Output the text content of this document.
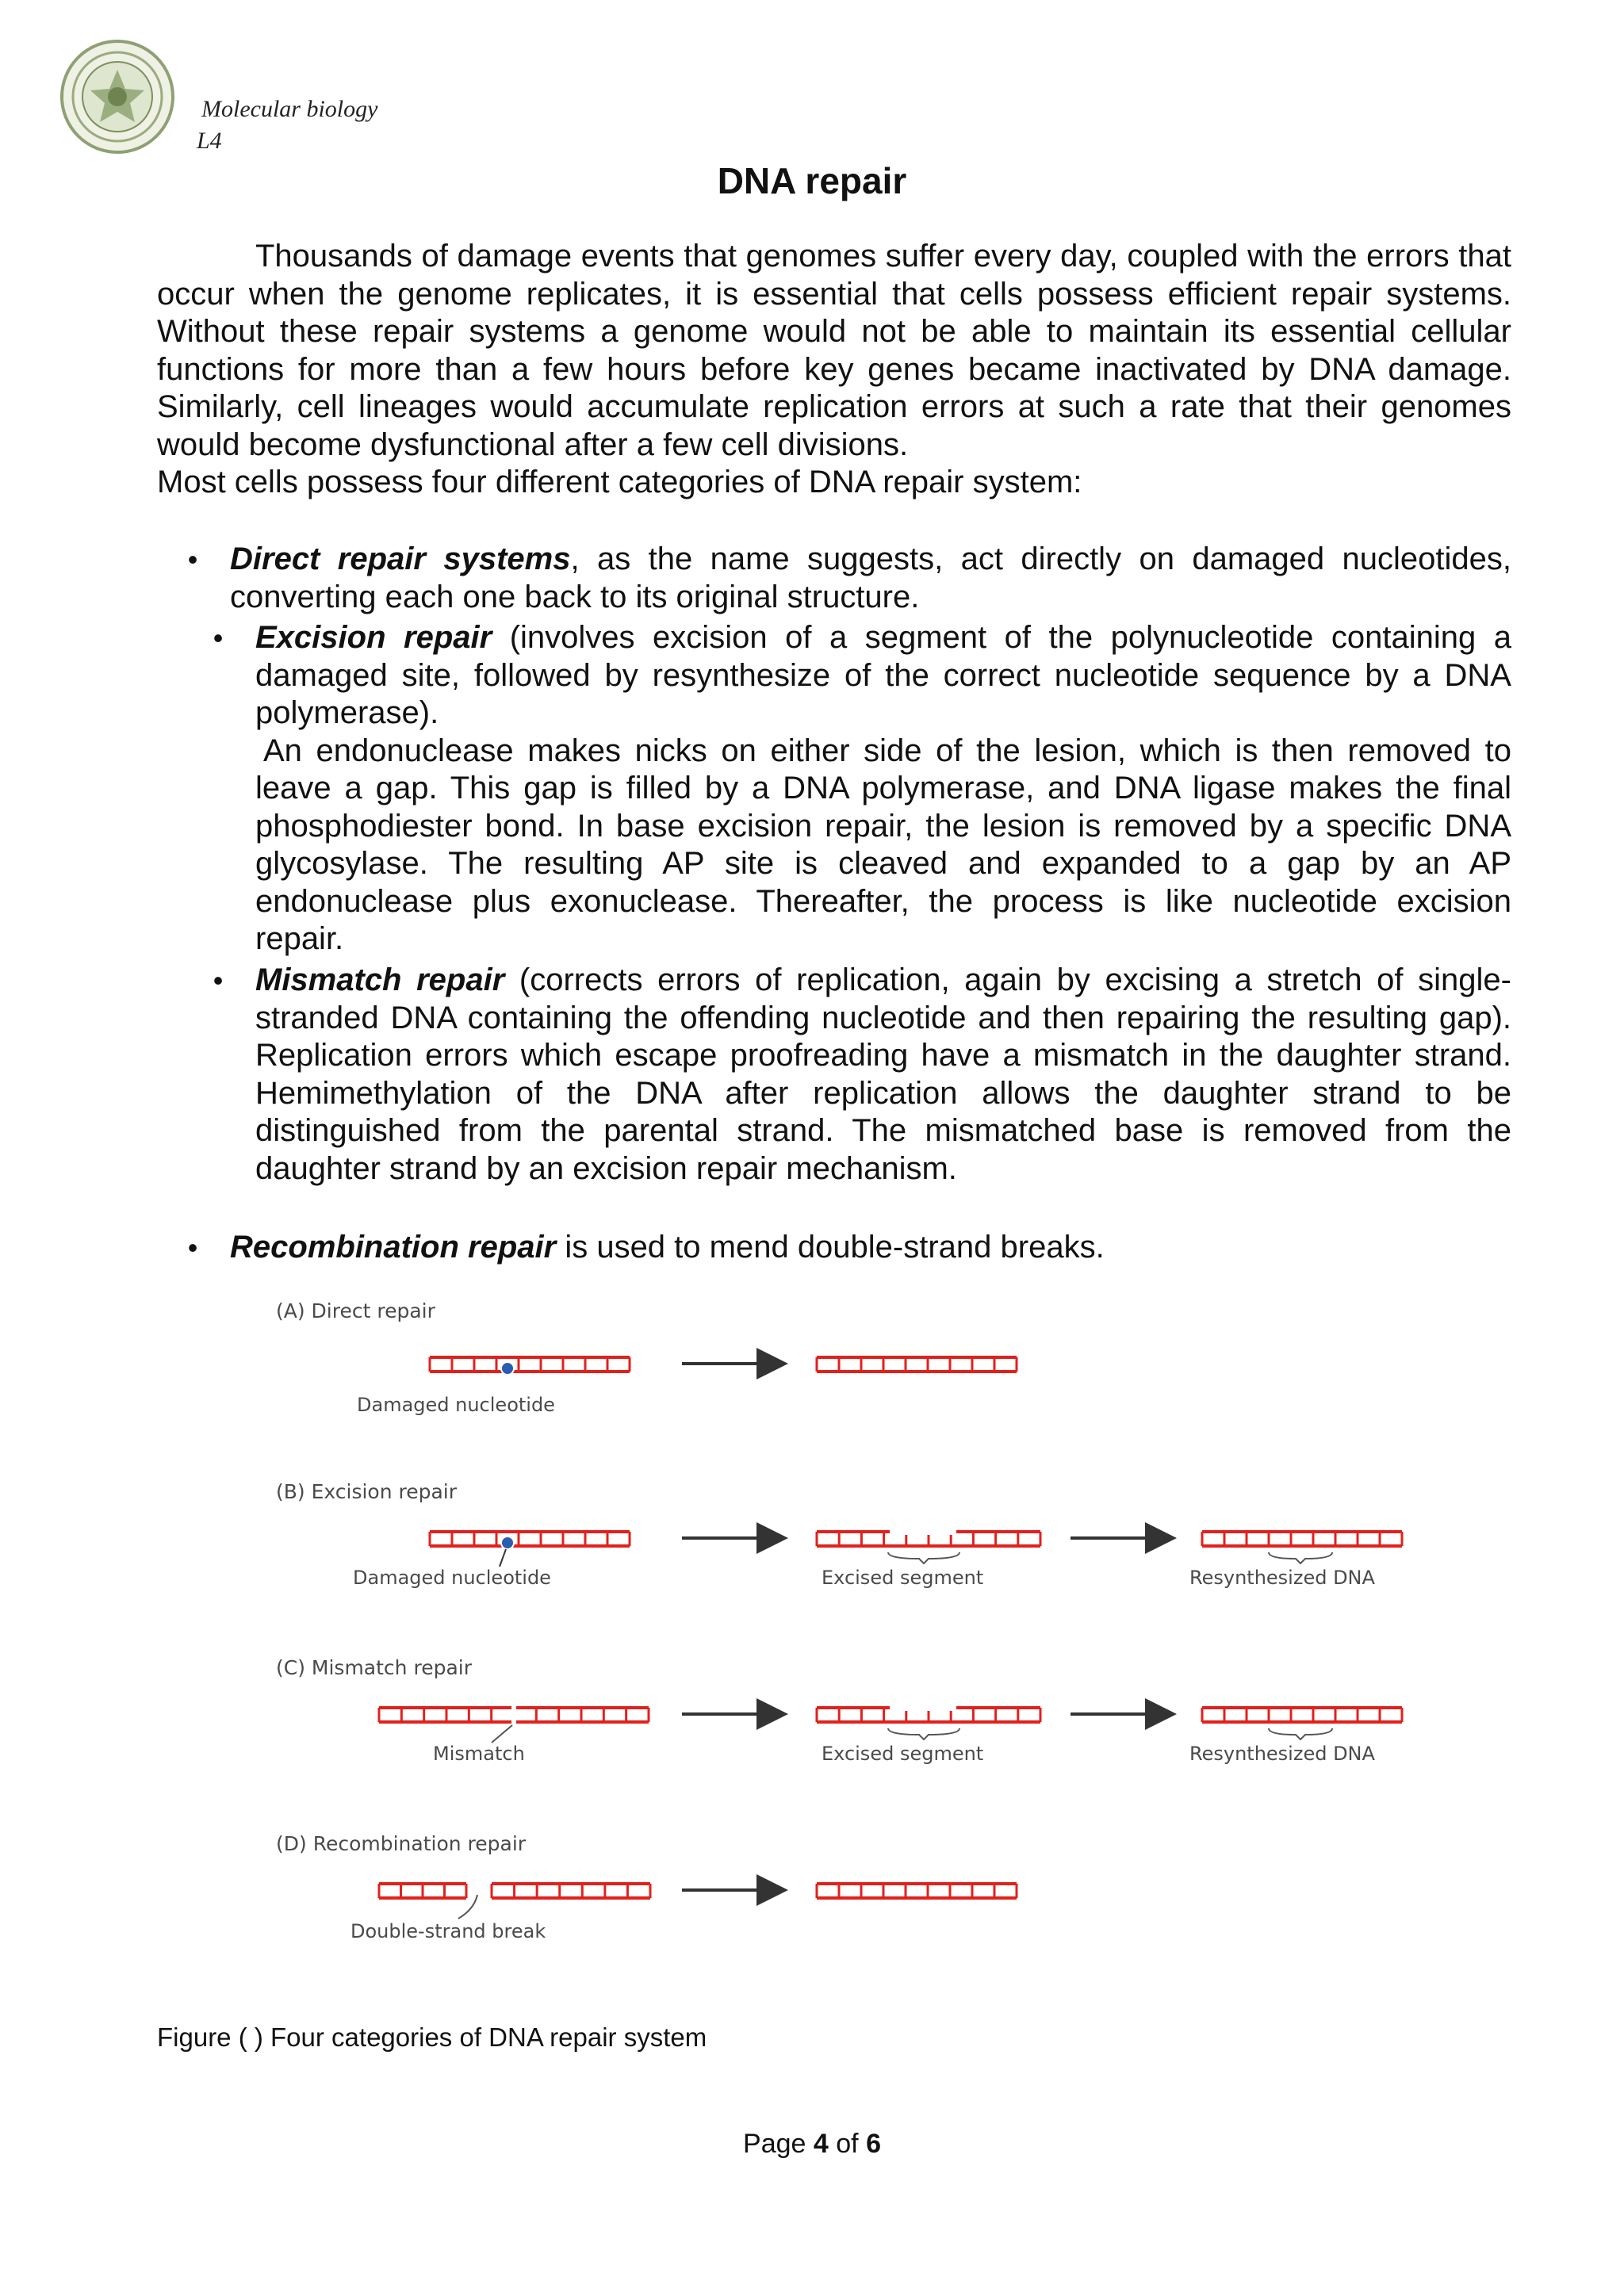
Molecular biology
L4
DNA repair

Thousands of damage events that genomes suffer every day, coupled with the errors that occur when the genome replicates, it is essential that cells possess efficient repair systems. Without these repair systems a genome would not be able to maintain its essential cellular functions for more than a few hours before key genes became inactivated by DNA damage. Similarly, cell lineages would accumulate replication errors at such a rate that their genomes would become dysfunctional after a few cell divisions.

Most cells possess four different categories of DNA repair system:

• Direct repair systems, as the name suggests, act directly on damaged nucleotides, converting each one back to its original structure.

• Excision repair (involves excision of a segment of the polynucleotide containing a damaged site, followed by resynthesize of the correct nucleotide sequence by a DNA polymerase).

An endonuclease makes nicks on either side of the lesion, which is then removed to leave a gap. This gap is filled by a DNA polymerase, and DNA ligase makes the final phosphodiester bond. In base excision repair, the lesion is removed by a specific DNA glycosylase. The resulting AP site is cleaved and expanded to a gap by an AP endonuclease plus exonuclease. Thereafter, the process is like nucleotide excision repair.

• Mismatch repair (corrects errors of replication, again by excising a stretch of single-stranded DNA containing the offending nucleotide and then repairing the resulting gap). Replication errors which escape proofreading have a mismatch in the daughter strand. Hemimethylation of the DNA after replication allows the daughter strand to be distinguished from the parental strand. The mismatched base is removed from the daughter strand by an excision repair mechanism.

• Recombination repair is used to mend double-strand breaks.

(A) Direct repair
(B) Excision repair
(C) Mismatch repair
(D) Recombination repair
Damaged nucleotide
Damaged nucleotide	Excised segment	Resynthesized DNA
Mismatch	Excised segment	Resynthesized DNA
Double-strand break
Figure ( ) Four categories of DNA repair system
Page 4 of 6
